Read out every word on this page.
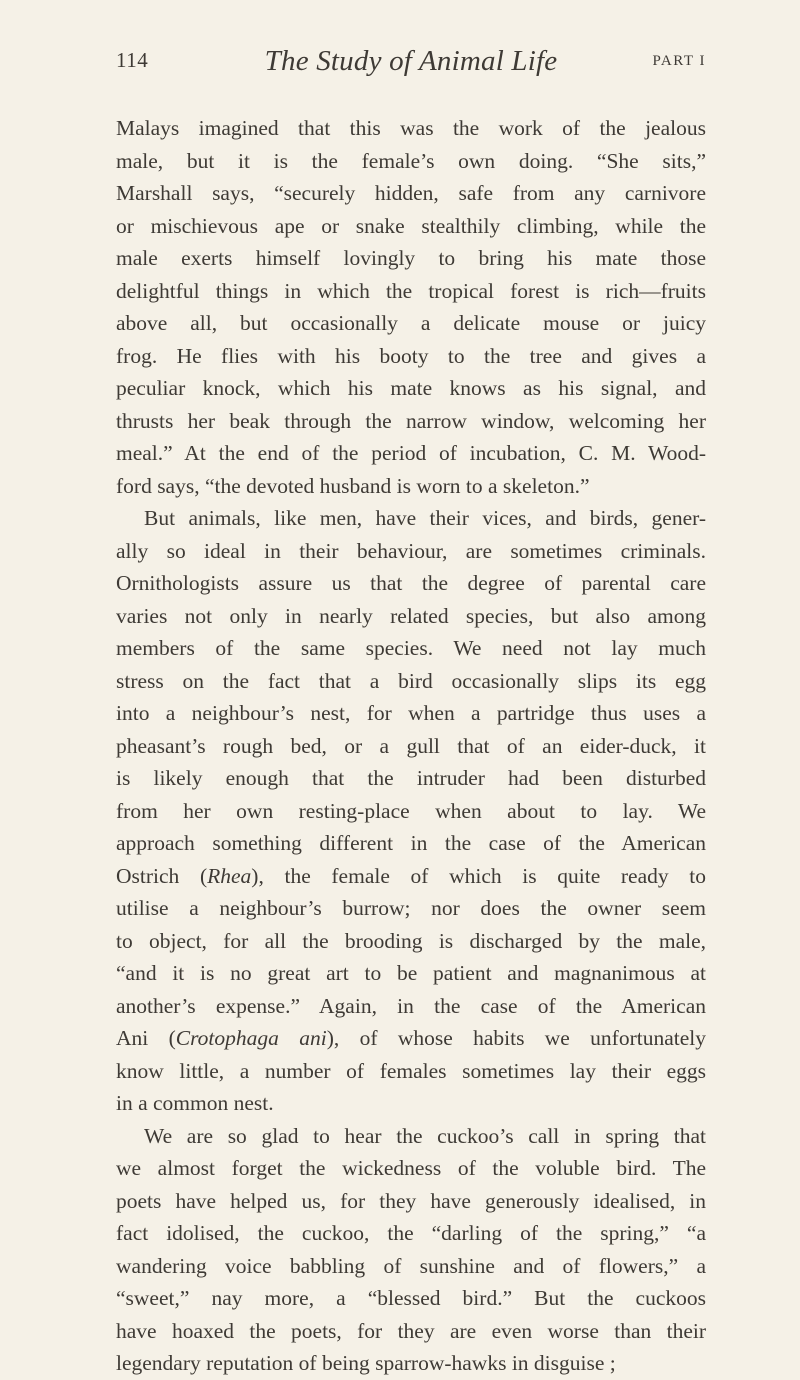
114	The Study of Animal Life	PART I
Malays imagined that this was the work of the jealous
male, but it is the female’s own doing. “She sits,”
Marshall says, “securely hidden, safe from any carnivore
or mischievous ape or snake stealthily climbing, while the
male exerts himself lovingly to bring his mate those
delightful things in which the tropical forest is rich—fruits
above all, but occasionally a delicate mouse or juicy
frog. He flies with his booty to the tree and gives a
peculiar knock, which his mate knows as his signal, and
thrusts her beak through the narrow window, welcoming her
meal.” At the end of the period of incubation, C. M. Wood-
ford says, “the devoted husband is worn to a skeleton.”
But animals, like men, have their vices, and birds, gener-
ally so ideal in their behaviour, are sometimes criminals.
Ornithologists assure us that the degree of parental care
varies not only in nearly related species, but also among
members of the same species. We need not lay much
stress on the fact that a bird occasionally slips its egg
into a neighbour’s nest, for when a partridge thus uses a
pheasant’s rough bed, or a gull that of an eider-duck, it
is likely enough that the intruder had been disturbed
from her own resting-place when about to lay. We
approach something different in the case of the American
Ostrich (Rhea), the female of which is quite ready to
utilise a neighbour’s burrow; nor does the owner seem
to object, for all the brooding is discharged by the male,
“and it is no great art to be patient and magnanimous at
another’s expense.” Again, in the case of the American
Ani (Crotophaga ani), of whose habits we unfortunately
know little, a number of females sometimes lay their eggs
in a common nest.
We are so glad to hear the cuckoo’s call in spring that
we almost forget the wickedness of the voluble bird. The
poets have helped us, for they have generously idealised, in
fact idolised, the cuckoo, the “darling of the spring,” “a
wandering voice babbling of sunshine and of flowers,” a
“sweet,” nay more, a “blessed bird.” But the cuckoos
have hoaxed the poets, for they are even worse than their
legendary reputation of being sparrow-hawks in disguise ;
